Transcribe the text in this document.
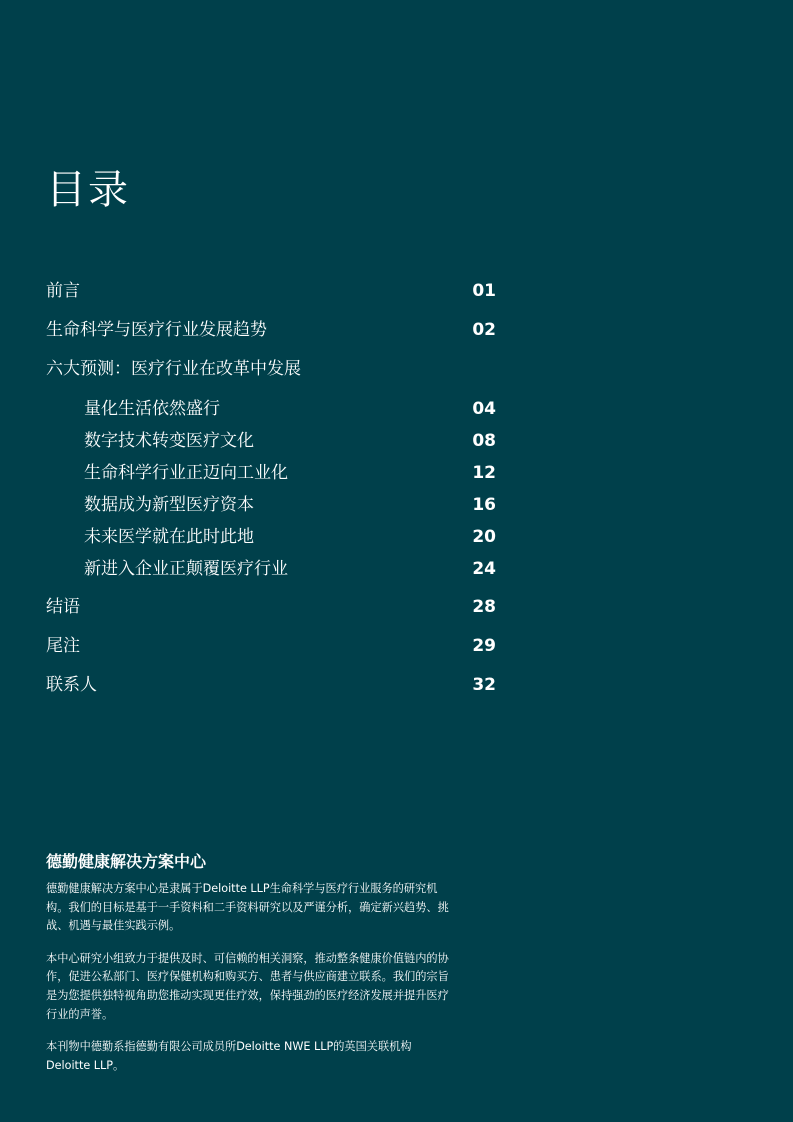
目录
前言	01
生命科学与医疗行业发展趋势	02
六大预测：医疗行业在改革中发展
量化生活依然盛行	04
数字技术转变医疗文化	08
生命科学行业正迈向工业化	12
数据成为新型医疗资本	16
未来医学就在此时此地	20
新进入企业正颠覆医疗行业	24
结语	28
尾注	29
联系人	32
德勤健康解决方案中心

德勤健康解决方案中心是隶属于Deloitte LLP生命科学与医疗行业服务的研究机构。我们的目标是基于一手资料和二手资料研究以及严谨分析，确定新兴趋势、挑战、机遇与最佳实践示例。

本中心研究小组致力于提供及时、可信赖的相关洞察，推动整条健康价值链内的协作，促进公私部门、医疗保健机构和购买方、患者与供应商建立联系。我们的宗旨是为您提供独特视角助您推动实现更佳疗效，保持强劲的医疗经济发展并提升医疗行业的声誉。

本刊物中德勤系指德勤有限公司成员所Deloitte NWE LLP的英国关联机构Deloitte LLP。
